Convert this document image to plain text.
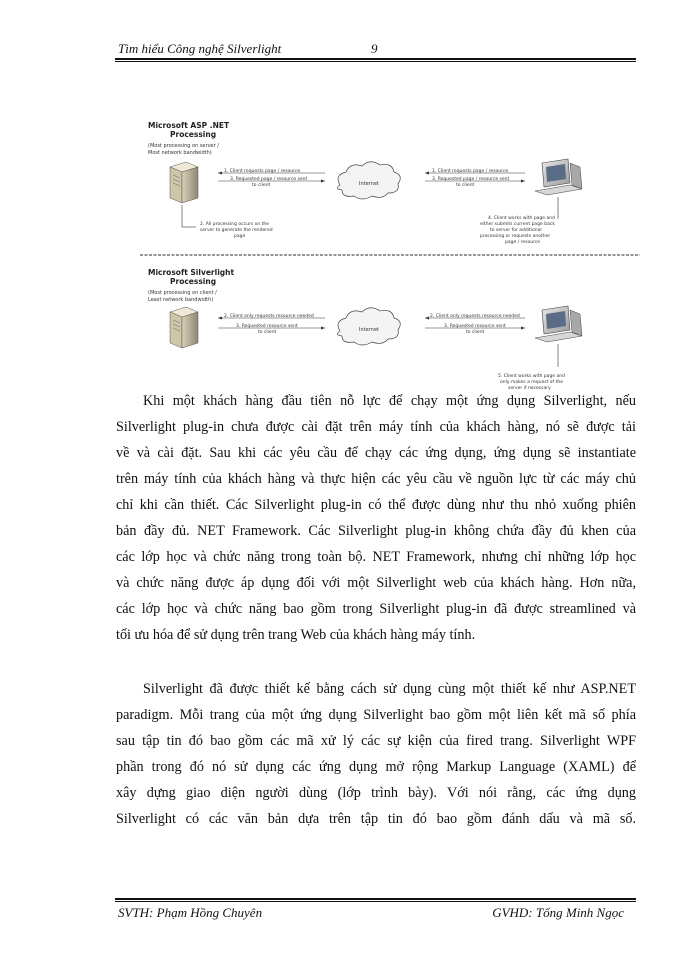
Tìm hiểu Công nghệ Silverlight	9
Microsoft ASP .NET
Processing
(Most processing on server /
Most network bandwidth)
1. Client requests page / resource
3. Requested page / resource sent
to client	Internet
1. Client requests page / resource
3. Requested page / resource sent
to client
2. All processing occurs on the
server to generate the rendered
page
4. Client works with page and
either submits current page back
to server for additional
processing or requests another
page / resource
Microsoft Silverlight
Processing
(Most processing on client /
Least network bandwidth)
2. Client only requests resource needed
3. Requested resource sent
to client	Internet
2. Client only requests resource needed
3. Requested resource sent
to client
5. Client works with page and
only makes a request of the
server if necessary
Khi một khách hàng đầu tiên nỗ lực để chạy một ứng dụng Silverlight, nếu
Silverlight plug-in chưa được cài đặt trên máy tính của khách hàng, nó sẽ được tải
về và cài đặt. Sau khi các yêu cầu để chạy các ứng dụng, ứng dụng sẽ instantiate
trên máy tính của khách hàng và thực hiện các yêu cầu về nguồn lực từ các máy chủ
chỉ khi cần thiết. Các Silverlight plug-in có thể được dùng như thu nhỏ xuống phiên
bản đầy đủ. NET Framework. Các Silverlight plug-in không chứa đầy đủ khen của
các lớp học và chức năng trong toàn bộ. NET Framework, nhưng chỉ những lớp học
và chức năng được áp dụng đối với một Silverlight web của khách hàng. Hơn nữa,
các lớp học và chức năng bao gồm trong Silverlight plug-in đã được streamlined và
tối ưu hóa để sử dụng trên trang Web của khách hàng máy tính.
Silverlight đã được thiết kế bằng cách sử dụng cùng một thiết kế như ASP.NET
paradigm. Mỗi trang của một ứng dụng Silverlight bao gồm một liên kết mã số phía
sau tập tin đó bao gồm các mã xử lý các sự kiện của fired trang. Silverlight WPF
phần trong đó nó sử dụng các ứng dụng mở rộng Markup Language (XAML) để
xây dựng giao diện người dùng (lớp trình bày). Với nói rằng, các ứng dụng
Silverlight có các văn bản dựa trên tập tin đó bao gồm đánh dấu và mã số.
SVTH: Phạm Hồng Chuyên	GVHD: Tống Minh Ngọc
